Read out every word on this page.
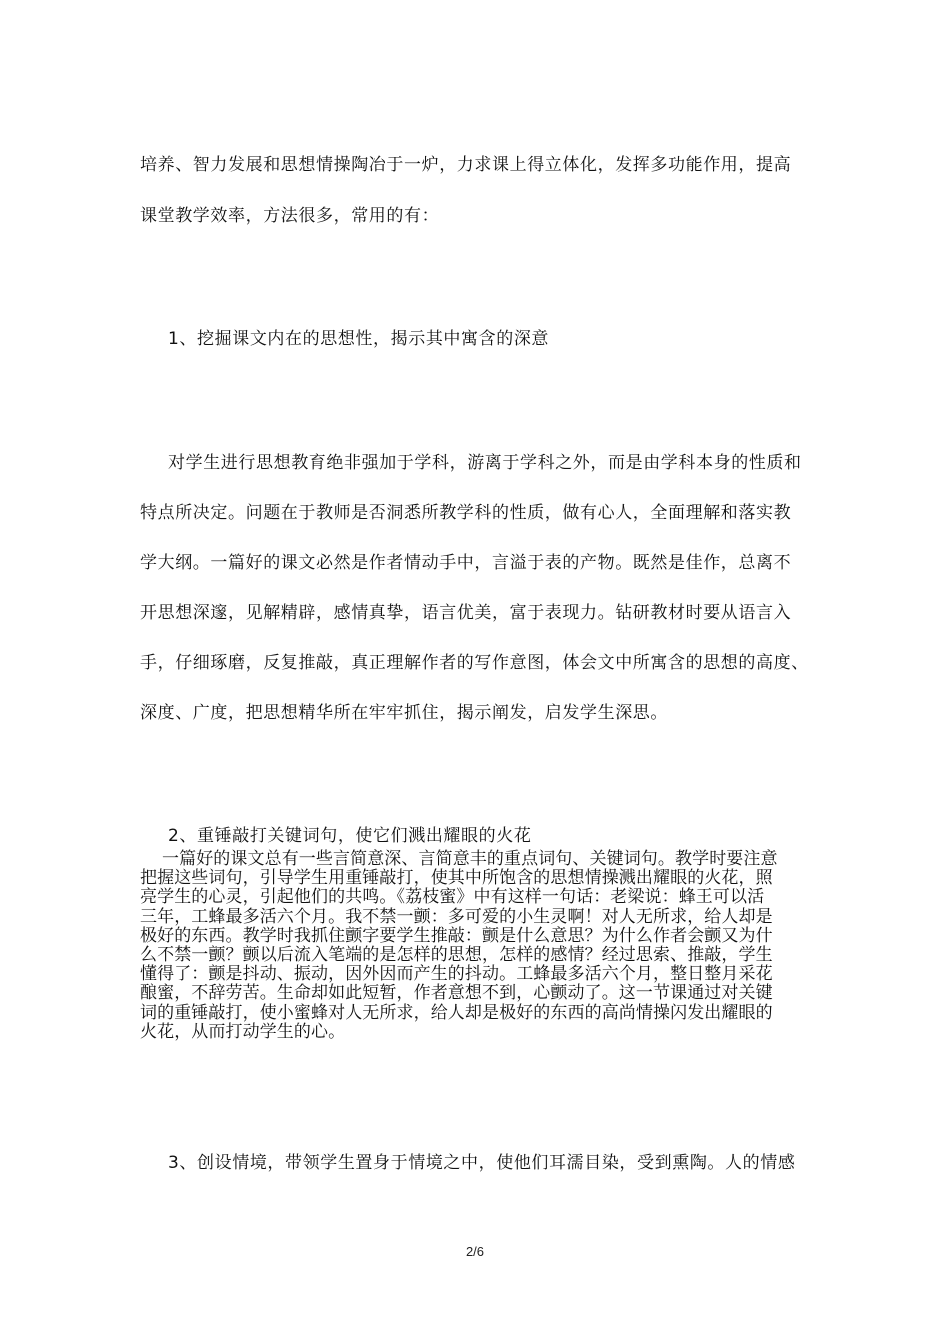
培养、智力发展和思想情操陶冶于一炉，力求课上得立体化，发挥多功能作用，提高
课堂教学效率，方法很多，常用的有：
1、挖掘课文内在的思想性，揭示其中寓含的深意
对学生进行思想教育绝非强加于学科，游离于学科之外，而是由学科本身的性质和
特点所决定。问题在于教师是否洞悉所教学科的性质，做有心人，全面理解和落实教
学大纲。一篇好的课文必然是作者情动手中，言溢于表的产物。既然是佳作，总离不
开思想深邃，见解精辟，感情真挚，语言优美，富于表现力。钻研教材时要从语言入
手，仔细琢磨，反复推敲，真正理解作者的写作意图，体会文中所寓含的思想的高度、
深度、广度，把思想精华所在牢牢抓住，揭示阐发，启发学生深思。
2、重锤敲打关键词句，使它们溅出耀眼的火花
一篇好的课文总有一些言简意深、言简意丰的重点词句、关键词句。教学时要注意
把握这些词句，引导学生用重锤敲打，使其中所饱含的思想情操溅出耀眼的火花，照
亮学生的心灵，引起他们的共鸣。《荔枝蜜》中有这样一句话：老梁说：蜂王可以活
三年，工蜂最多活六个月。我不禁一颤：多可爱的小生灵啊！对人无所求，给人却是
极好的东西。教学时我抓住颤字要学生推敲：颤是什么意思？为什么作者会颤又为什
么不禁一颤？颤以后流入笔端的是怎样的思想，怎样的感情？经过思索、推敲，学生
懂得了：颤是抖动、振动，因外因而产生的抖动。工蜂最多活六个月，整日整月采花
酿蜜，不辞劳苦。生命却如此短暂，作者意想不到，心颤动了。这一节课通过对关键
词的重锤敲打，使小蜜蜂对人无所求，给人却是极好的东西的高尚情操闪发出耀眼的
火花，从而打动学生的心。
3、创设情境，带领学生置身于情境之中，使他们耳濡目染，受到熏陶。人的情感
2/6
